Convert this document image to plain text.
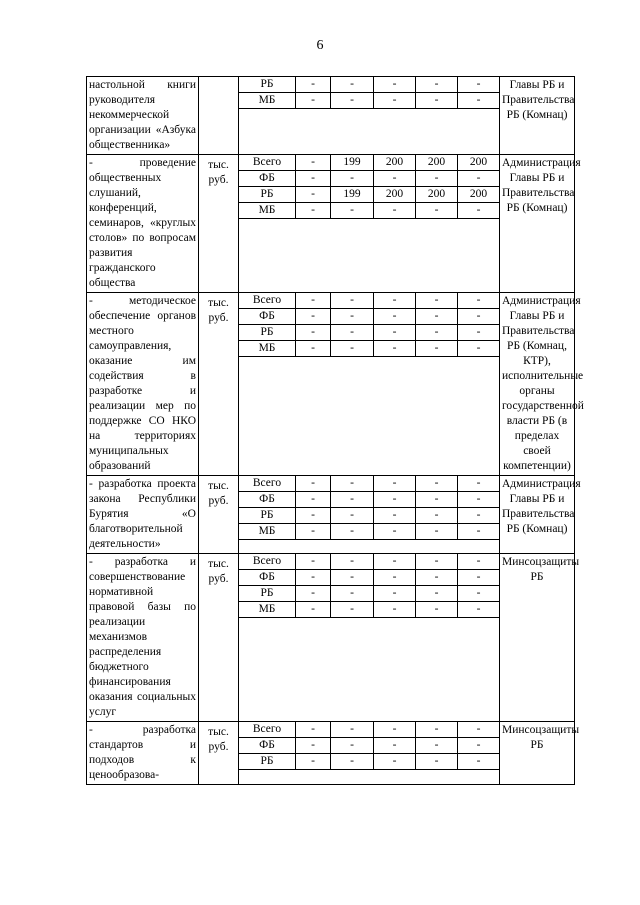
6
настольной книги руководителя некоммерческой организации «Азбука общественника»		РБ	-	-	-	-	-	Главы РБ и Правительства РБ (Комнац)
		МБ	-	-	-	-	-	

- проведение общественных слушаний, конференций, семинаров, «круглых столов» по вопросам развития гражданского общества	тыс. руб.	Всего	-	199	200	200	200	Администрация Главы РБ и Правительства РБ (Комнац)
		ФБ	-	-	-	-	-	
		РБ	-	199	200	200	200	
		МБ	-	-	-	-	-	

- методическое обеспечение органов местного самоуправления, оказание им содействия в разработке и реализации мер по поддержке СО НКО на территориях муниципальных образований	тыс. руб.	Всего	-	-	-	-	-	Администрация Главы РБ и Правительства РБ (Комнац, КТР), исполнительные органы государственной власти РБ (в пределах своей компетенции)
		ФБ	-	-	-	-	-	
		РБ	-	-	-	-	-	
		МБ	-	-	-	-	-	

- разработка проекта закона Республики Бурятия «О благотворительной деятельности»	тыс. руб.	Всего	-	-	-	-	-	Администрация Главы РБ и Правительства РБ (Комнац)
		ФБ	-	-	-	-	-	
		РБ	-	-	-	-	-	
		МБ	-	-	-	-	-	

- разработка и совершенствование нормативной правовой базы по реализации механизмов распределения бюджетного финансирования оказания социальных услуг	тыс. руб.	Всего	-	-	-	-	-	Минсоцзащиты РБ
		ФБ	-	-	-	-	-	
		РБ	-	-	-	-	-	
		МБ	-	-	-	-	-	

- разработка стандартов и подходов к ценообразова-	тыс. руб.	Всего	-	-	-	-	-	Минсоцзащиты РБ
		ФБ	-	-	-	-	-	
		РБ	-	-	-	-	-	
